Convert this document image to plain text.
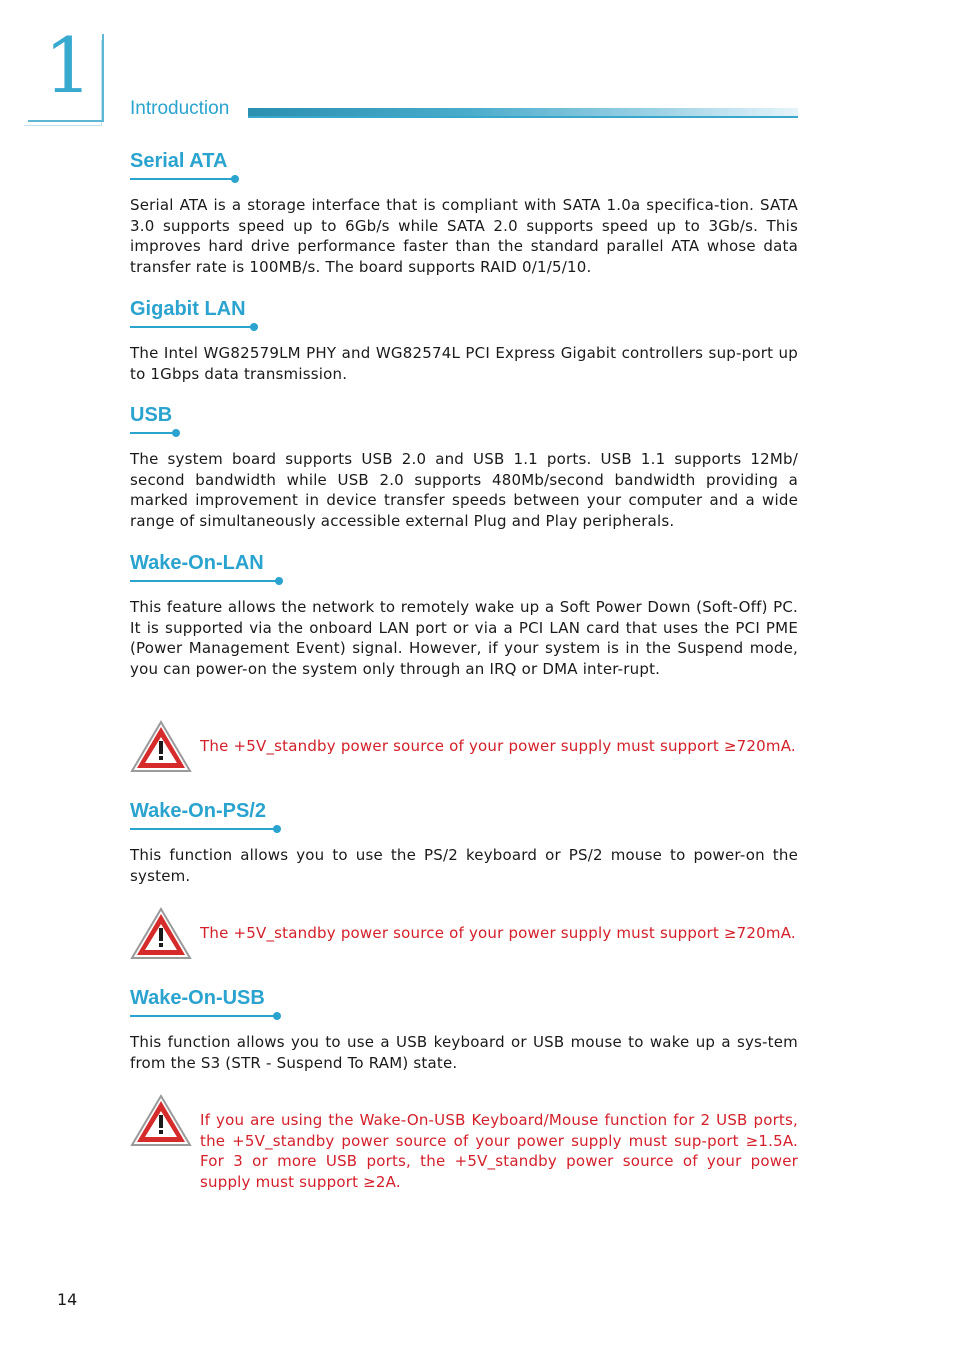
1 Introduction
Serial ATA

Serial ATA is a storage interface that is compliant with SATA 1.0a specifica-tion. SATA 3.0 supports speed up to 6Gb/s while SATA 2.0 supports speed up to 3Gb/s. This improves hard drive performance faster than the standard parallel ATA whose data transfer rate is 100MB/s. The board supports RAID 0/1/5/10.

Gigabit LAN

The Intel WG82579LM PHY and WG82574L PCI Express Gigabit controllers sup-port up to 1Gbps data transmission.

USB

The system board supports USB 2.0 and USB 1.1 ports. USB 1.1 supports 12Mb/ second bandwidth while USB 2.0 supports 480Mb/second bandwidth providing a marked improvement in device transfer speeds between your computer and a wide range of simultaneously accessible external Plug and Play peripherals.

Wake-On-LAN

This feature allows the network to remotely wake up a Soft Power Down (Soft-Off) PC. It is supported via the onboard LAN port or via a PCI LAN card that uses the PCI PME (Power Management Event) signal. However, if your system is in the Suspend mode, you can power-on the system only through an IRQ or DMA inter-rupt.

The +5V_standby power source of your power supply must support ≥720mA.

Wake-On-PS/2

This function allows you to use the PS/2 keyboard or PS/2 mouse to power-on the system.

The +5V_standby power source of your power supply must support ≥720mA.

Wake-On-USB

This function allows you to use a USB keyboard or USB mouse to wake up a sys-tem from the S3 (STR - Suspend To RAM) state.

If you are using the Wake-On-USB Keyboard/Mouse function for 2 USB ports, the +5V_standby power source of your power supply must sup-port ≥1.5A. For 3 or more USB ports, the +5V_standby power source of your power supply must support ≥2A.

14
